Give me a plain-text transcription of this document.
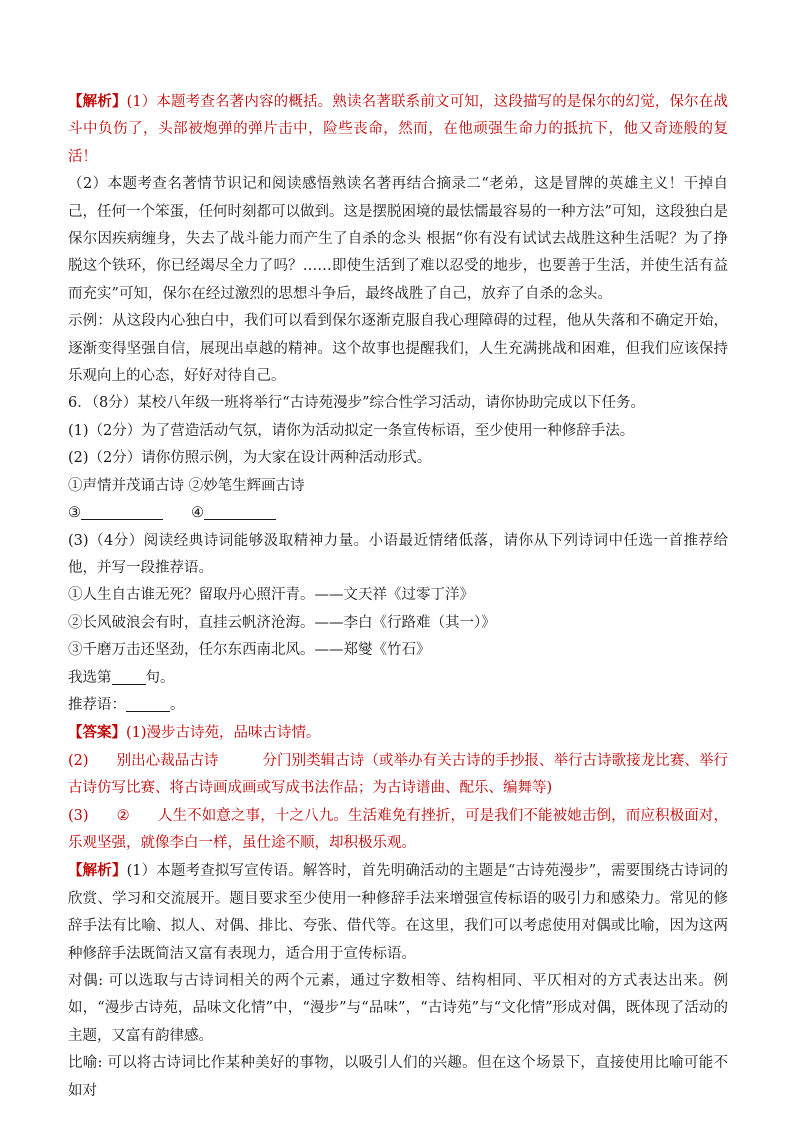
【解析】(1）本题考查名著内容的概括。熟读名著联系前文可知，这段描写的是保尔的幻觉，保尔在战斗中负伤了，头部被炮弹的弹片击中，险些丧命，然而，在他顽强生命力的抵抗下，他又奇迹般的复活！

（2）本题考查名著情节识记和阅读感悟熟读名著再结合摘录二“老弟，这是冒牌的英雄主义！干掉自己，任何一个笨蛋，任何时刻都可以做到。这是摆脱困境的最怯懦最容易的一种方法”可知，这段独白是保尔因疾病缠身，失去了战斗能力而产生了自杀的念头 根据“你有没有试试去战胜这种生活呢？为了挣脱这个铁环，你已经竭尽全力了吗？……即使生活到了难以忍受的地步，也要善于生活，并使生活有益而充实”可知，保尔在经过激烈的思想斗争后，最终战胜了自己，放弃了自杀的念头。

示例：从这段内心独白中，我们可以看到保尔逐渐克服自我心理障碍的过程，他从失落和不确定开始，逐渐变得坚强自信，展现出卓越的精神。这个故事也提醒我们，人生充满挑战和困难，但我们应该保持乐观向上的心态，好好对待自己。

6．（8分）某校八年级一班将举行“古诗苑漫步”综合性学习活动，请你协助完成以下任务。

(1)（2分）为了营造活动气氛，请你为活动拟定一条宣传标语，至少使用一种修辞手法。

(2)（2分）请你仿照示例，为大家在设计两种活动形式。

①声情并茂诵古诗 ②妙笔生辉画古诗

③	④

(3)（4分）阅读经典诗词能够汲取精神力量。小语最近情绪低落，请你从下列诗词中任选一首推荐给他，并写一段推荐语。

①人生自古谁无死？留取丹心照汗青。——文天祥《过零丁洋》

②长风破浪会有时，直挂云帆济沧海。——李白《行路难（其一）》

③千磨万击还坚劲，任尔东西南北风。——郑燮《竹石》

我选第 句。

推荐语：	。

【答案】(1)漫步古诗苑，品味古诗情。

(2) 别出心裁品古诗	分门别类辑古诗（或举办有关古诗的手抄报、举行古诗歌接龙比赛、举行古诗仿写比赛、将古诗画成画或写成书法作品；为古诗谱曲、配乐、编舞等)

(3) ② 人生不如意之事，十之八九。生活难免有挫折，可是我们不能被她击倒，而应积极面对，乐观坚强，就像李白一样，虽仕途不顺，却积极乐观。

【解析】(1）本题考查拟写宣传语。解答时，首先明确活动的主题是“古诗苑漫步”，需要围绕古诗词的欣赏、学习和交流展开。题目要求至少使用一种修辞手法来增强宣传标语的吸引力和感染力。常见的修辞手法有比喻、拟人、对偶、排比、夸张、借代等。在这里，我们可以考虑使用对偶或比喻，因为这两种修辞手法既简洁又富有表现力，适合用于宣传标语。

对偶: 可以选取与古诗词相关的两个元素，通过字数相等、结构相同、平仄相对的方式表达出来。例如，“漫步古诗苑，品味文化情”中，“漫步”与“品味”，“古诗苑”与“文化情”形成对偶，既体现了活动的主题，又富有韵律感。

比喻: 可以将古诗词比作某种美好的事物，以吸引人们的兴趣。但在这个场景下，直接使用比喻可能不如对
